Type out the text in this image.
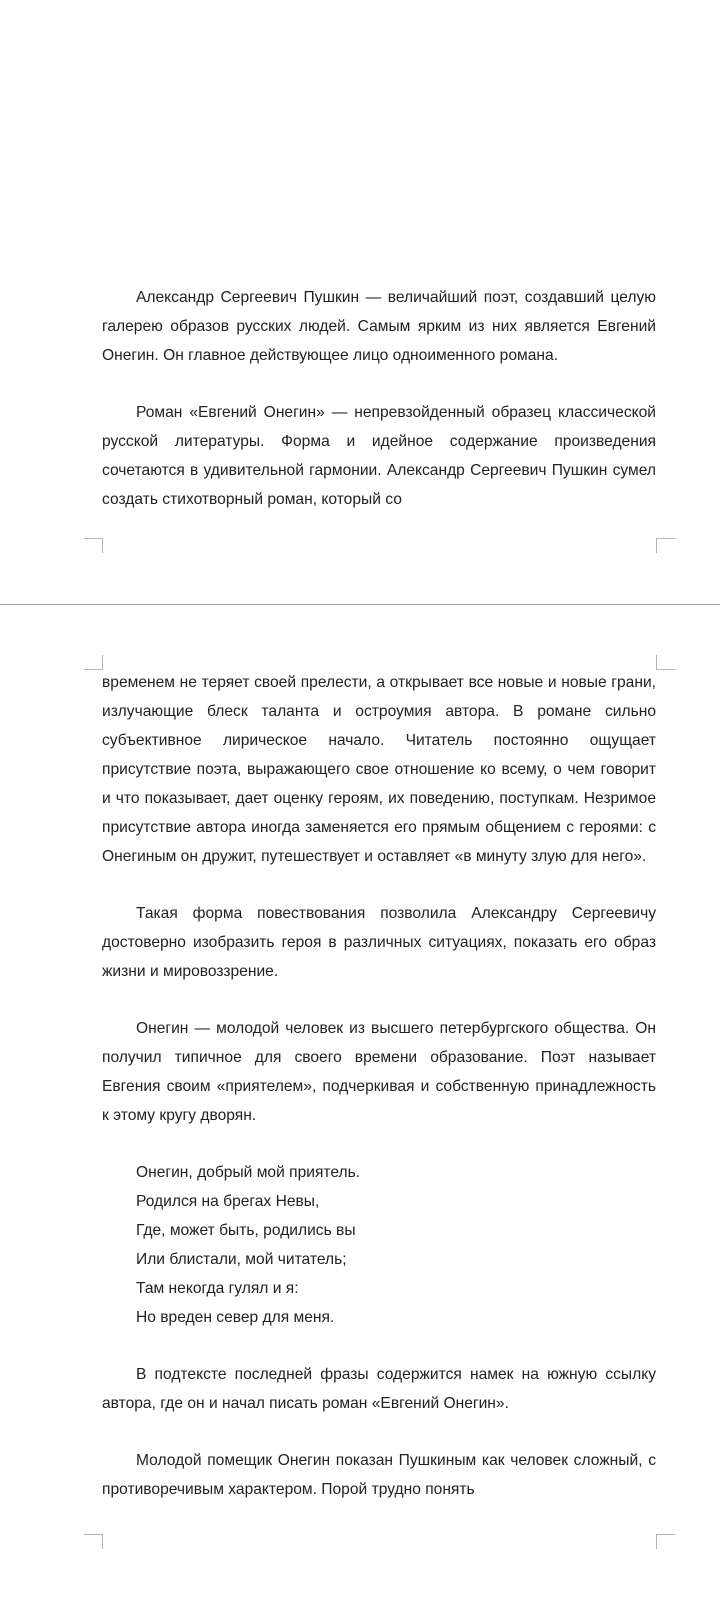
Александр Сергеевич Пушкин — величайший поэт, создавший целую галерею образов русских людей. Самым ярким из них является Евгений Онегин. Он главное действующее лицо одноименного романа.

Роман «Евгений Онегин» — непревзойденный образец классической русской литературы. Форма и идейное содержание произведения сочетаются в удивительной гармонии. Александр Сергеевич Пушкин сумел создать стихотворный роман, который со

временем не теряет своей прелести, а открывает все новые и новые грани, излучающие блеск таланта и остроумия автора. В романе сильно субъективное лирическое начало. Читатель постоянно ощущает присутствие поэта, выражающего свое отношение ко всему, о чем говорит и что показывает, дает оценку героям, их поведению, поступкам. Незримое присутствие автора иногда заменяется его прямым общением с героями: с Онегиным он дружит, путешествует и оставляет «в минуту злую для него».

Такая форма повествования позволила Александру Сергеевичу достоверно изобразить героя в различных ситуациях, показать его образ жизни и мировоззрение.

Онегин — молодой человек из высшего петербургского общества. Он получил типичное для своего времени образование. Поэт называет Евгения своим «приятелем», подчеркивая и собственную принадлежность к этому кругу дворян.

Онегин, добрый мой приятель.
Родился на брегах Невы,
Где, может быть, родились вы
Или блистали, мой читатель;
Там некогда гулял и я:
Но вреден север для меня.

В подтексте последней фразы содержится намек на южную ссылку автора, где он и начал писать роман «Евгений Онегин».

Молодой помещик Онегин показан Пушкиным как человек сложный, с противоречивым характером. Порой трудно понять
